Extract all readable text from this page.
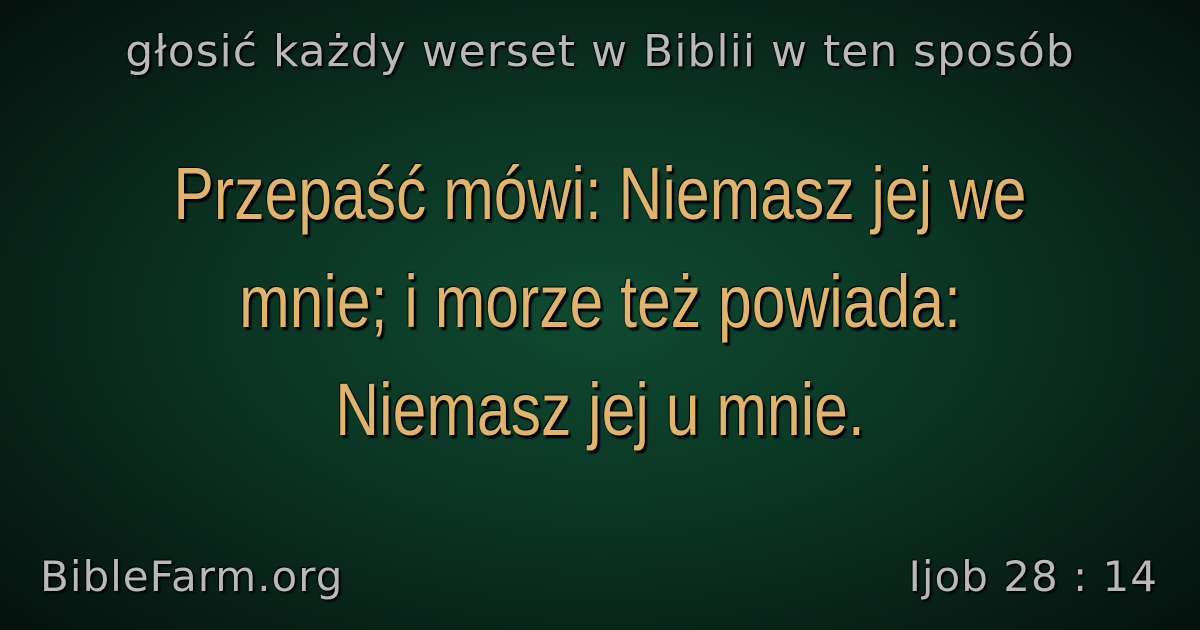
głosić każdy werset w Biblii w ten sposób
Przepaść mówi: Niemasz jej we mnie; i morze też powiada: Niemasz jej u mnie.
BibleFarm.org	Ijob 28 : 14
